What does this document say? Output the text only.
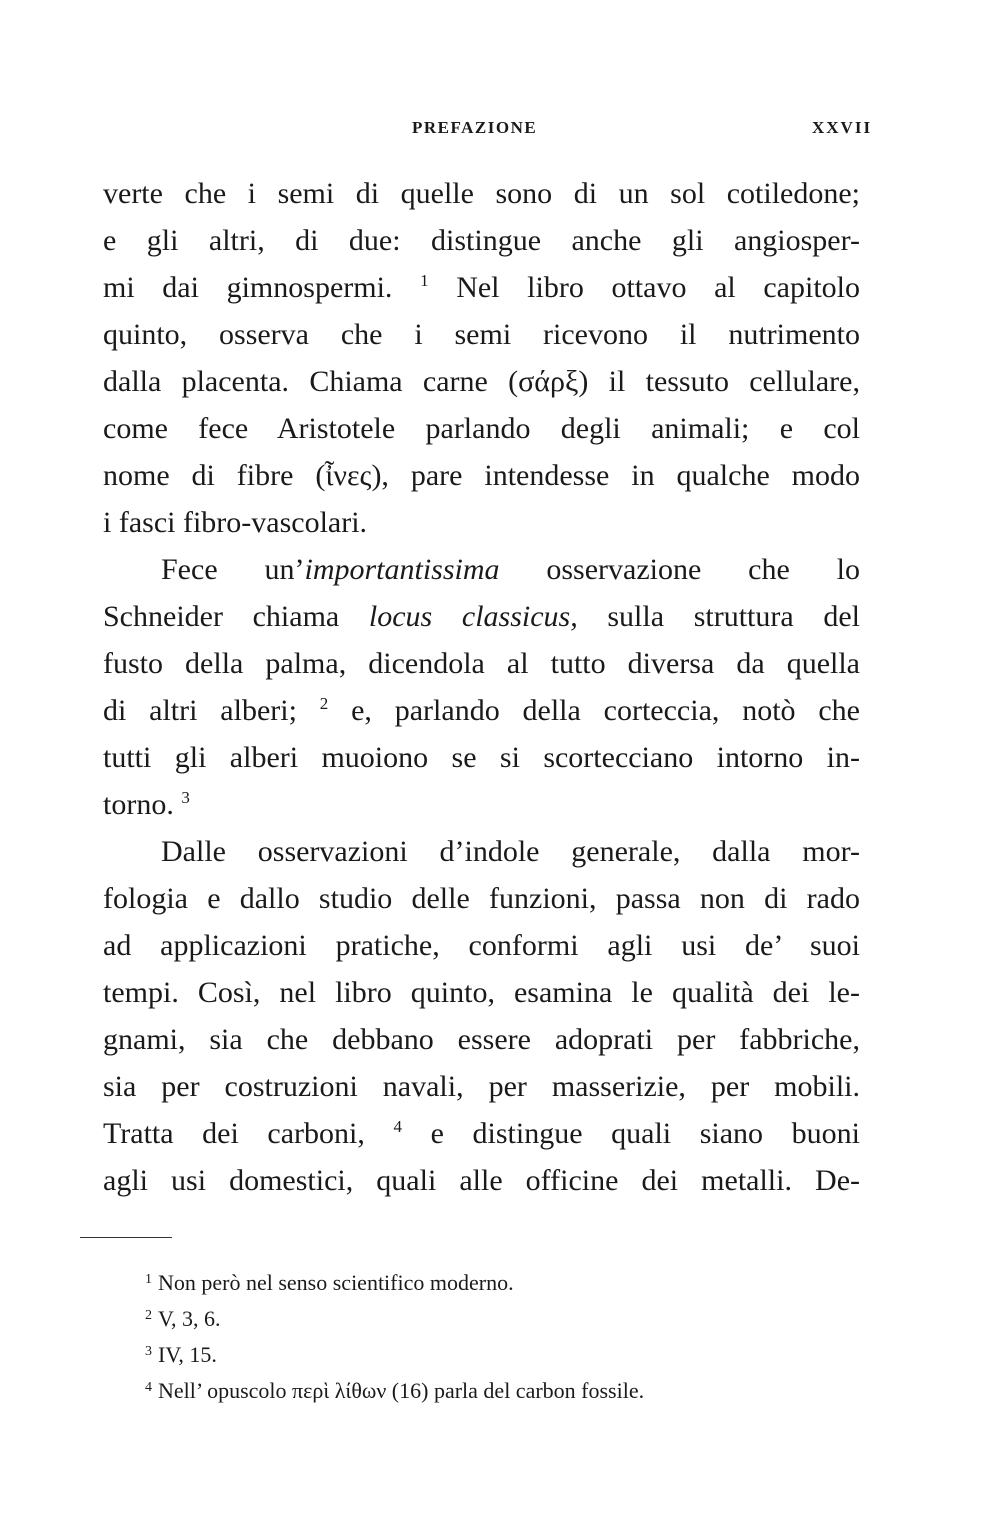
PREFAZIONE	XXVII
verte che i semi di quelle sono di un sol cotiledone;
e gli altri, di due: distingue anche gli angiosper-
mi dai gimnospermi. $^1$ Nel libro ottavo al capitolo
quinto, osserva che i semi ricevono il nutrimento
dalla placenta. Chiama carne (σάρξ) il tessuto cellulare,
come fece Aristotele parlando degli animali; e col
nome di fibre (ἶνες), pare intendesse in qualche modo
i fasci fibro-vascolari.
Fece un’importantissima osservazione che lo
Schneider chiama locus classicus, sulla struttura del
fusto della palma, dicendola al tutto diversa da quella
di altri alberi; $^2$ e, parlando della corteccia, notò che
tutti gli alberi muoiono se si scortecciano intorno in-
torno. $^3$
Dalle osservazioni d’indole generale, dalla mor-
fologia e dallo studio delle funzioni, passa non di rado
ad applicazioni pratiche, conformi agli usi de’ suoi
tempi. Così, nel libro quinto, esamina le qualità dei le-
gnami, sia che debbano essere adoprati per fabbriche,
sia per costruzioni navali, per masserizie, per mobili.
Tratta dei carboni, $^4$ e distingue quali siano buoni
agli usi domestici, quali alle officine dei metalli. De-
$^1$ Non però nel senso scientifico moderno.
$^2$ V, 3, 6.
$^3$ IV, 15.
$^4$ Nell’ opuscolo περὶ λίθων (16) parla del carbon fossile.
